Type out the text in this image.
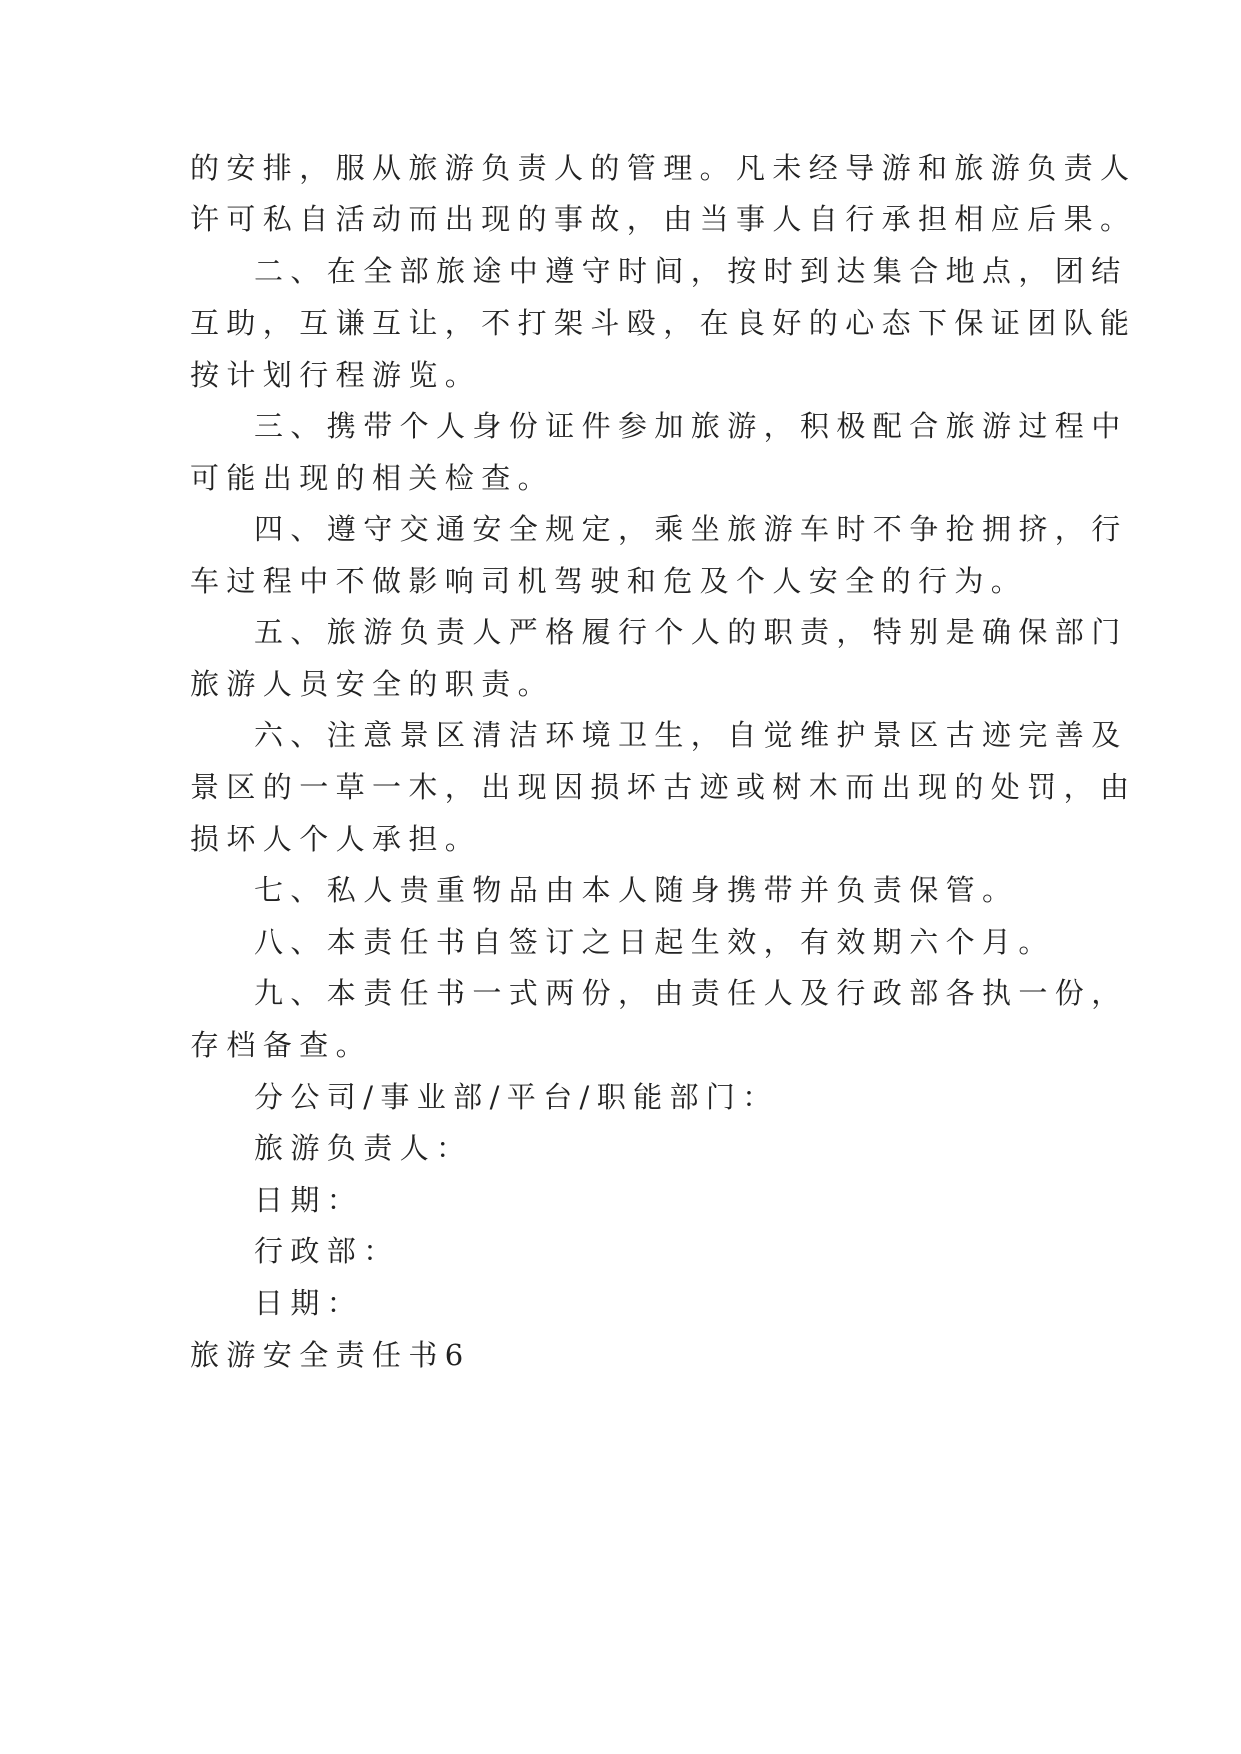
的安排，服从旅游负责人的管理。凡未经导游和旅游负责人
许可私自活动而出现的事故，由当事人自行承担相应后果。
二、在全部旅途中遵守时间，按时到达集合地点，团结
互助，互谦互让，不打架斗殴，在良好的心态下保证团队能
按计划行程游览。
三、携带个人身份证件参加旅游，积极配合旅游过程中
可能出现的相关检查。
四、遵守交通安全规定，乘坐旅游车时不争抢拥挤，行
车过程中不做影响司机驾驶和危及个人安全的行为。
五、旅游负责人严格履行个人的职责，特别是确保部门
旅游人员安全的职责。
六、注意景区清洁环境卫生，自觉维护景区古迹完善及
景区的一草一木，出现因损坏古迹或树木而出现的处罚，由
损坏人个人承担。
七、私人贵重物品由本人随身携带并负责保管。
八、本责任书自签订之日起生效，有效期六个月。
九、本责任书一式两份，由责任人及行政部各执一份，
存档备查。
分公司/事业部/平台/职能部门：
旅游负责人：
日期：
行政部：
日期：
旅游安全责任书6
